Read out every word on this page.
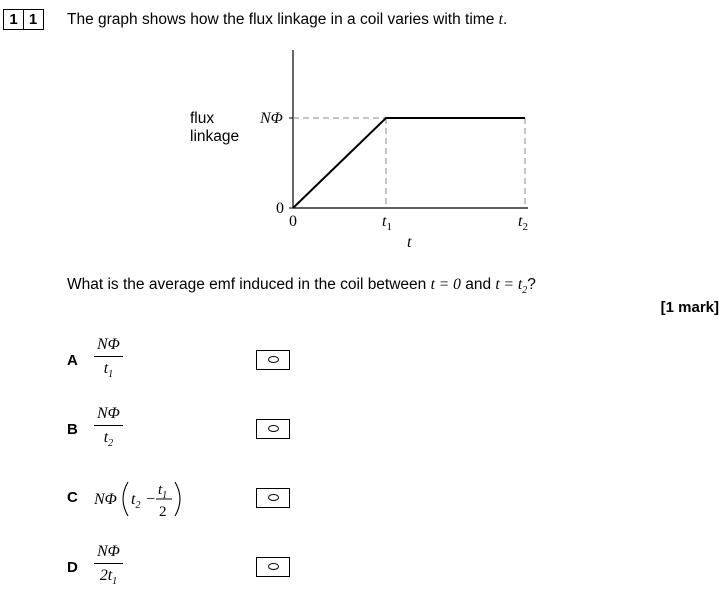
1 1	The graph shows how the flux linkage in a coil varies with time t.
flux
linkage
NΦ
0
0	$t_1$	$t_2$
t
What is the average emf induced in the coil between t = 0 and $t = t_2$?
[1 mark]
A
NΦ
$t_1$
B
NΦ
$t_2$
C NΦ $t_2$ −
$t_1$
2
D
NΦ
$2t_1$
